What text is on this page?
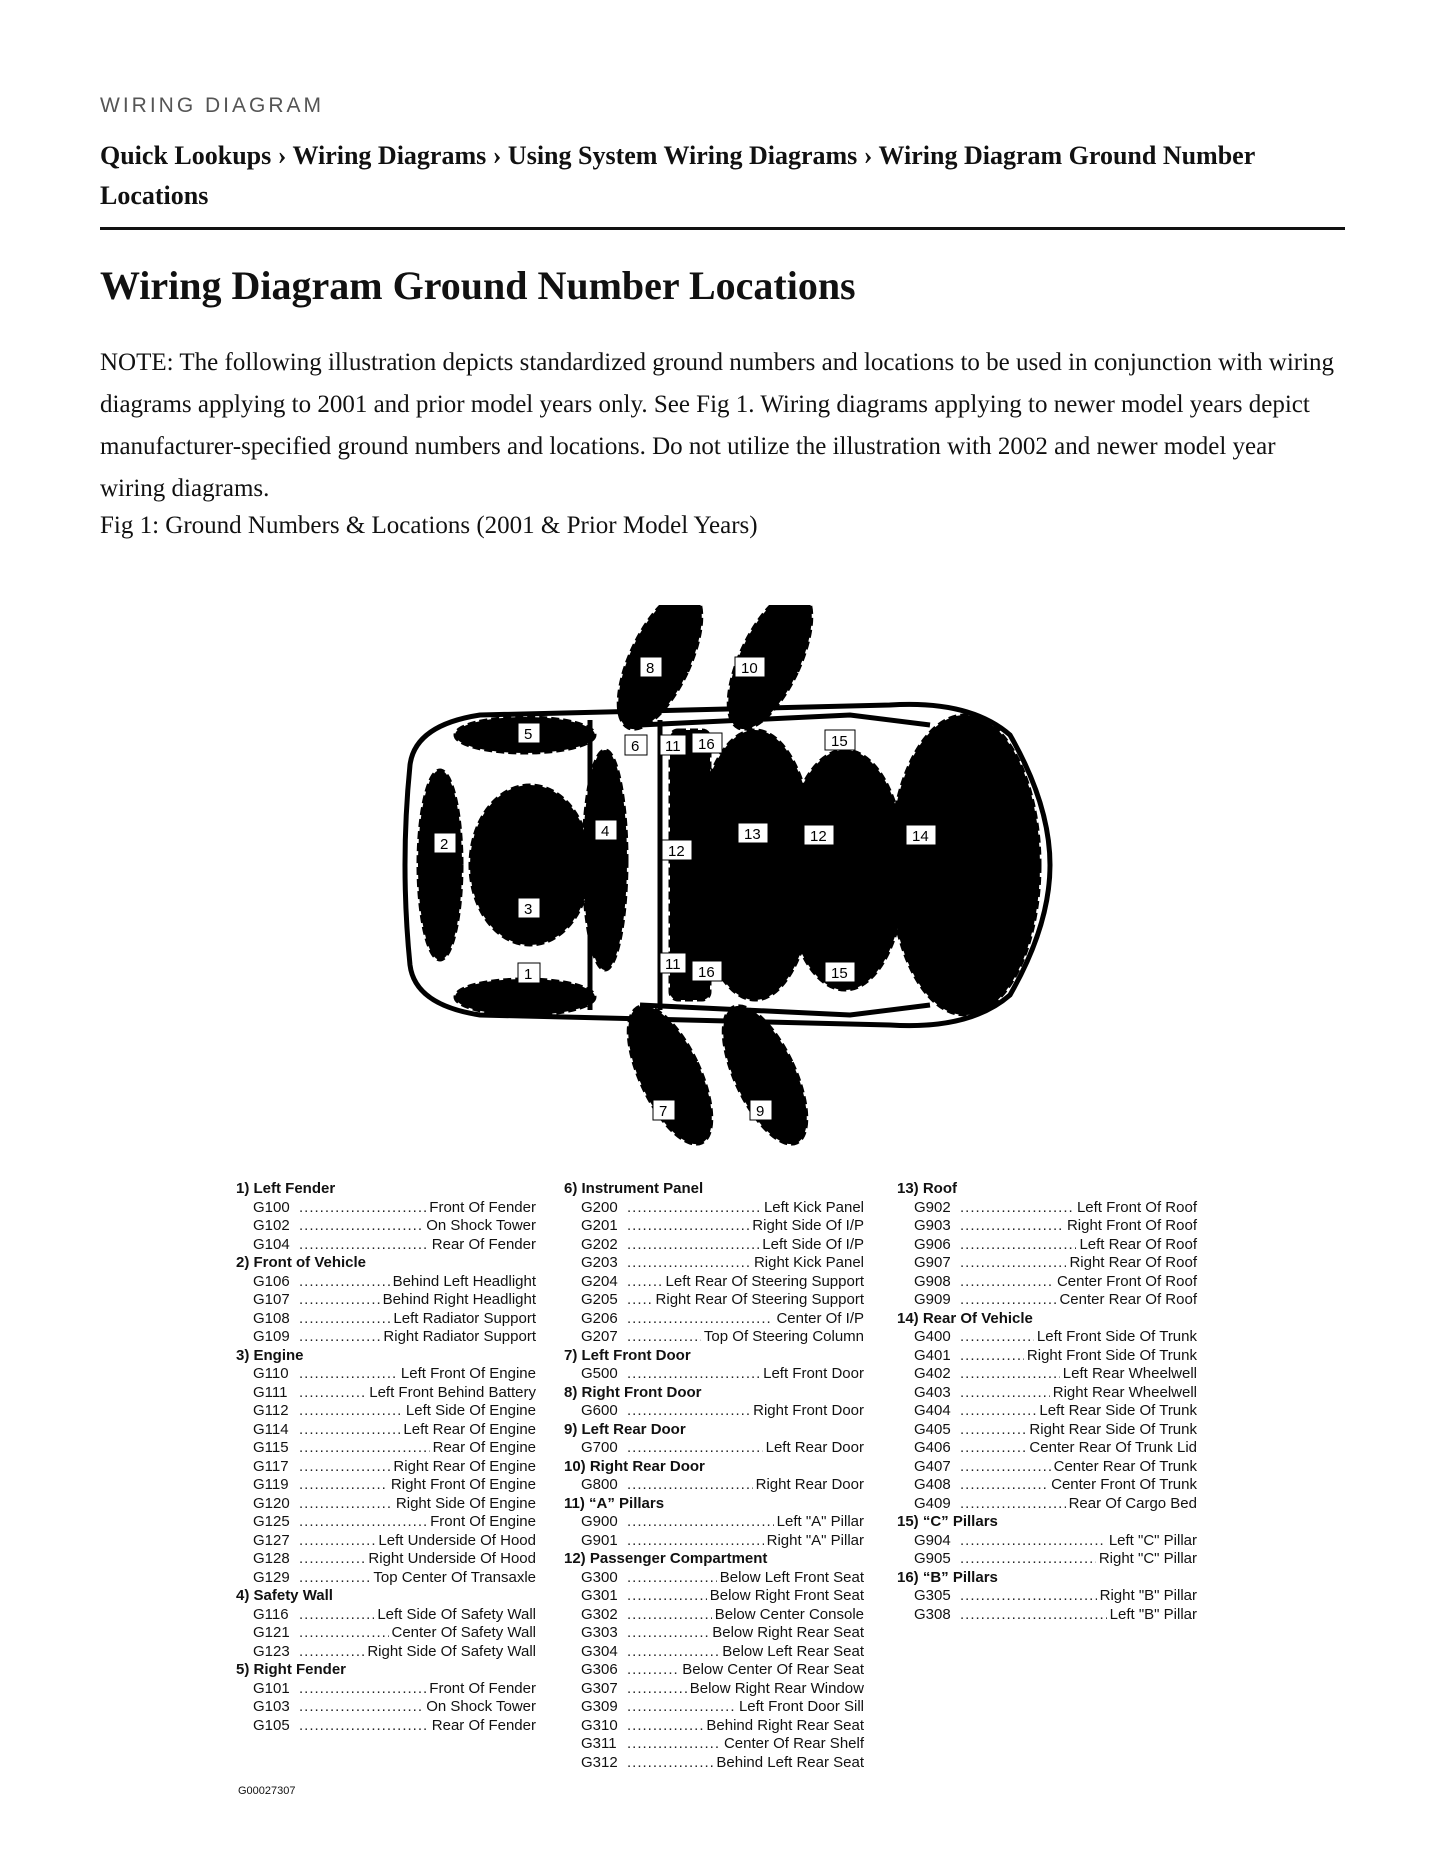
WIRING DIAGRAM
Quick Lookups › Wiring Diagrams › Using System Wiring Diagrams › Wiring Diagram Ground Number Locations
Wiring Diagram Ground Number Locations

NOTE: The following illustration depicts standardized ground numbers and locations to be used in conjunction with wiring diagrams applying to 2001 and prior model years only. See Fig 1. Wiring diagrams applying to newer model years depict manufacturer-specified ground numbers and locations. Do not utilize the illustration with 2002 and newer model year wiring diagrams.

Fig 1: Ground Numbers & Locations (2001 & Prior Model Years)

2
3
1
5
4
6
8	10
11 16	15
12
13	12	14
11 16	15
7	9
1) Left Fender
G100 .....	Front Of Fender
G102 .....	On Shock Tower
G104 .....	Rear Of Fender
2) Front of Vehicle
G106 .....	Behind Left Headlight
G107 .....	Behind Right Headlight
G108 .....	Left Radiator Support
G109 .....	Right Radiator Support
3) Engine
G110 .....	Left Front Of Engine
G111 .....	Left Front Behind Battery
G112 .....	Left Side Of Engine
G114 .....	Left Rear Of Engine
G115 .....	Rear Of Engine
G117 .....	Right Rear Of Engine
G119 .....	Right Front Of Engine
G120 .....	Right Side Of Engine
G125 .....	Front Of Engine
G127 .....	Left Underside Of Hood
G128 .....	Right Underside Of Hood
G129 .....	Top Center Of Transaxle
4) Safety Wall
G116 .....	Left Side Of Safety Wall
G121 .....	Center Of Safety Wall
G123 .....	Right Side Of Safety Wall
5) Right Fender
G101 .....	Front Of Fender
G103 .....	On Shock Tower
G105 .....	Rear Of Fender
6) Instrument Panel
G200 .....	Left Kick Panel
G201 .....	Right Side Of I/P
G202 .....	Left Side Of I/P
G203 .....	Right Kick Panel
G204 .....	Left Rear Of Steering Support
G205 .....	Right Rear Of Steering Support
G206 .....	Center Of I/P
G207 .....	Top Of Steering Column
7) Left Front Door
G500 .....	Left Front Door
8) Right Front Door
G600 .....	Right Front Door
9) Left Rear Door
G700 .....	Left Rear Door
10) Right Rear Door
G800 .....	Right Rear Door
11) “A” Pillars
G900 .....	Left "A" Pillar
G901 .....	Right "A" Pillar
12) Passenger Compartment
G300 .....	Below Left Front Seat
G301 .....	Below Right Front Seat
G302 .....	Below Center Console
G303 .....	Below Right Rear Seat
G304 .....	Below Left Rear Seat
G306 .....	Below Center Of Rear Seat
G307 .....	Below Right Rear Window
G309 .....	Left Front Door Sill
G310 .....	Behind Right Rear Seat
G311 .....	Center Of Rear Shelf
G312 .....	Behind Left Rear Seat
13) Roof
G902 .....	Left Front Of Roof
G903 .....	Right Front Of Roof
G906 .....	Left Rear Of Roof
G907 .....	Right Rear Of Roof
G908 .....	Center Front Of Roof
G909 .....	Center Rear Of Roof
14) Rear Of Vehicle
G400 .....	Left Front Side Of Trunk
G401 .....	Right Front Side Of Trunk
G402 .....	Left Rear Wheelwell
G403 .....	Right Rear Wheelwell
G404 .....	Left Rear Side Of Trunk
G405 .....	Right Rear Side Of Trunk
G406 .....	Center Rear Of Trunk Lid
G407 .....	Center Rear Of Trunk
G408 .....	Center Front Of Trunk
G409 .....	Rear Of Cargo Bed
15) “C” Pillars
G904 .....	Left "C" Pillar
G905 .....	Right "C" Pillar
16) “B” Pillars
G305 .....	Right "B" Pillar
G308 .....	Left "B" Pillar
G00027307
